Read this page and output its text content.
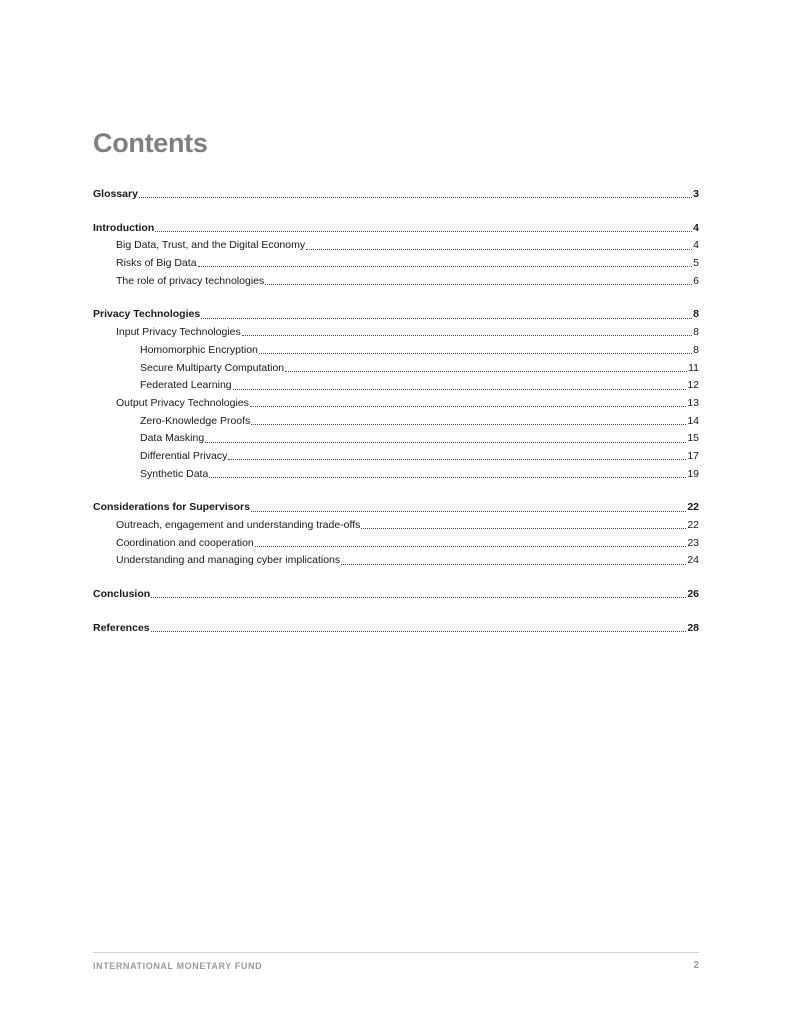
Contents
Glossary	3
Introduction	4
Big Data, Trust, and the Digital Economy	4
Risks of Big Data	5
The role of privacy technologies	6
Privacy Technologies	8
Input Privacy Technologies	8
Homomorphic Encryption	8
Secure Multiparty Computation	11
Federated Learning	12
Output Privacy Technologies	13
Zero-Knowledge Proofs	14
Data Masking	15
Differential Privacy	17
Synthetic Data	19
Considerations for Supervisors	22
Outreach, engagement and understanding trade-offs	22
Coordination and cooperation	23
Understanding and managing cyber implications	24
Conclusion	26
References	28
INTERNATIONAL MONETARY FUND	2
